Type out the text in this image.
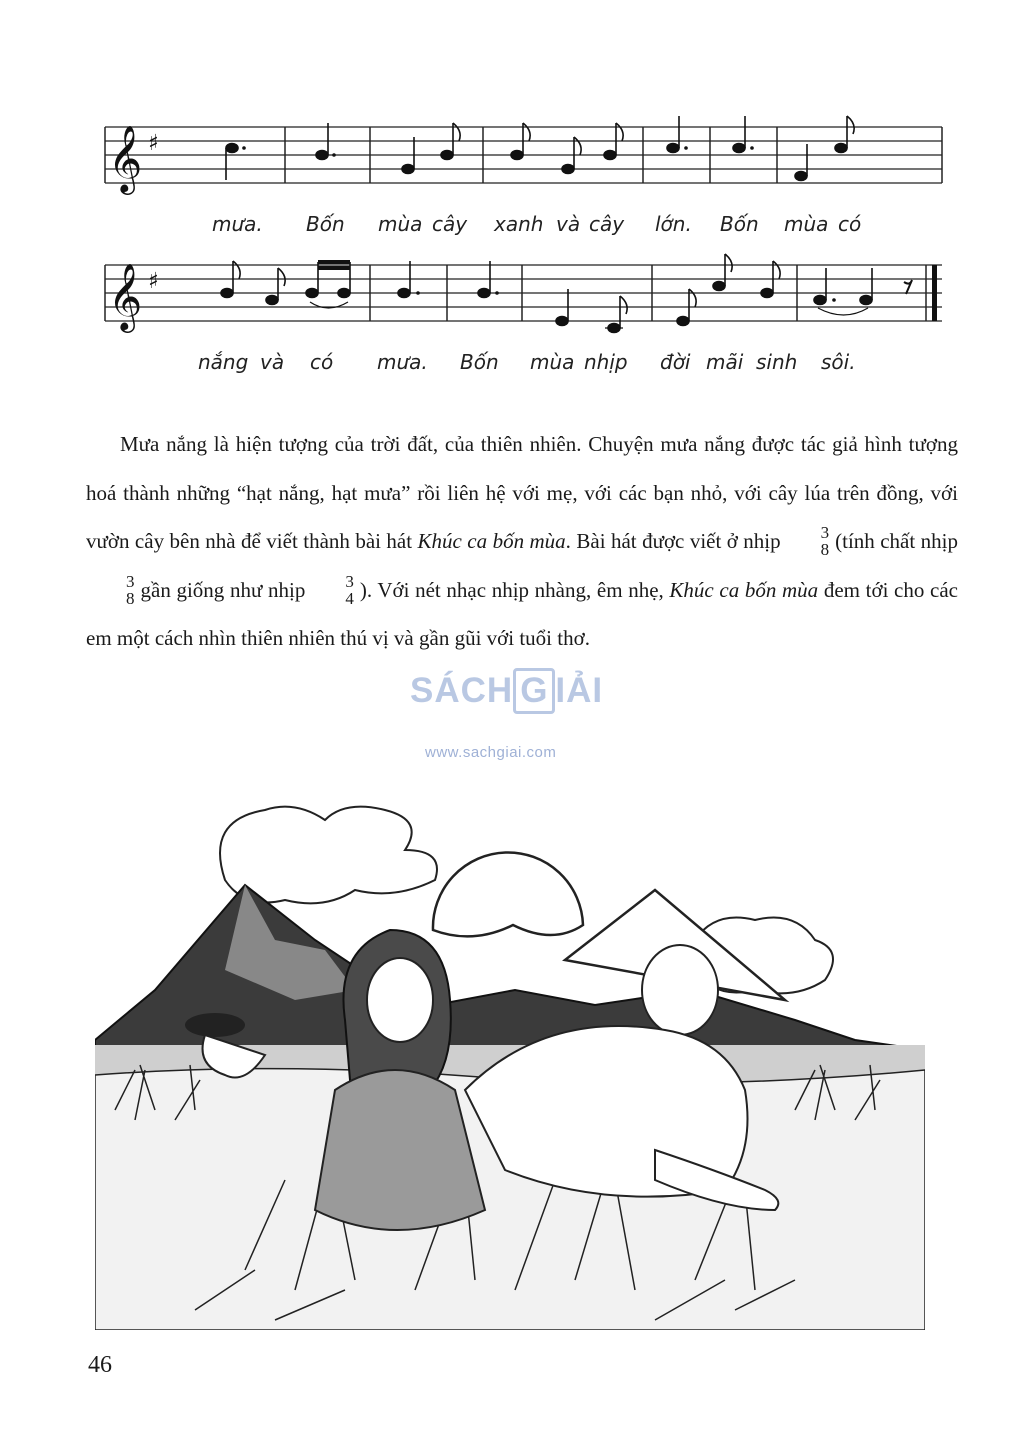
𝄞 ♯
mưa. Bốn mùa cây xanh và cây lớn. Bốn mùa có
𝄞 ♯
nắng và có mưa. Bốn mùa nhịp đời mãi sinh sôi.

Mưa nắng là hiện tượng của trời đất, của thiên nhiên. Chuyện mưa nắng được tác giả hình tượng hoá thành những “hạt nắng, hạt mưa” rồi liên hệ với mẹ, với các bạn nhỏ, với cây lúa trên đồng, với vườn cây bên nhà để viết thành bài hát Khúc ca bốn mùa. Bài hát được viết ở nhịp	3
8 (tính chất nhịp
3
8 gần giống như nhịp	3
4 ). Với nét nhạc nhịp nhàng, êm nhẹ, Khúc ca bốn mùa đem tới cho các em một cách nhìn thiên nhiên thú vị và gần gũi với tuổi thơ.

SÁCH G IẢI
www.sachgiai.com
46
